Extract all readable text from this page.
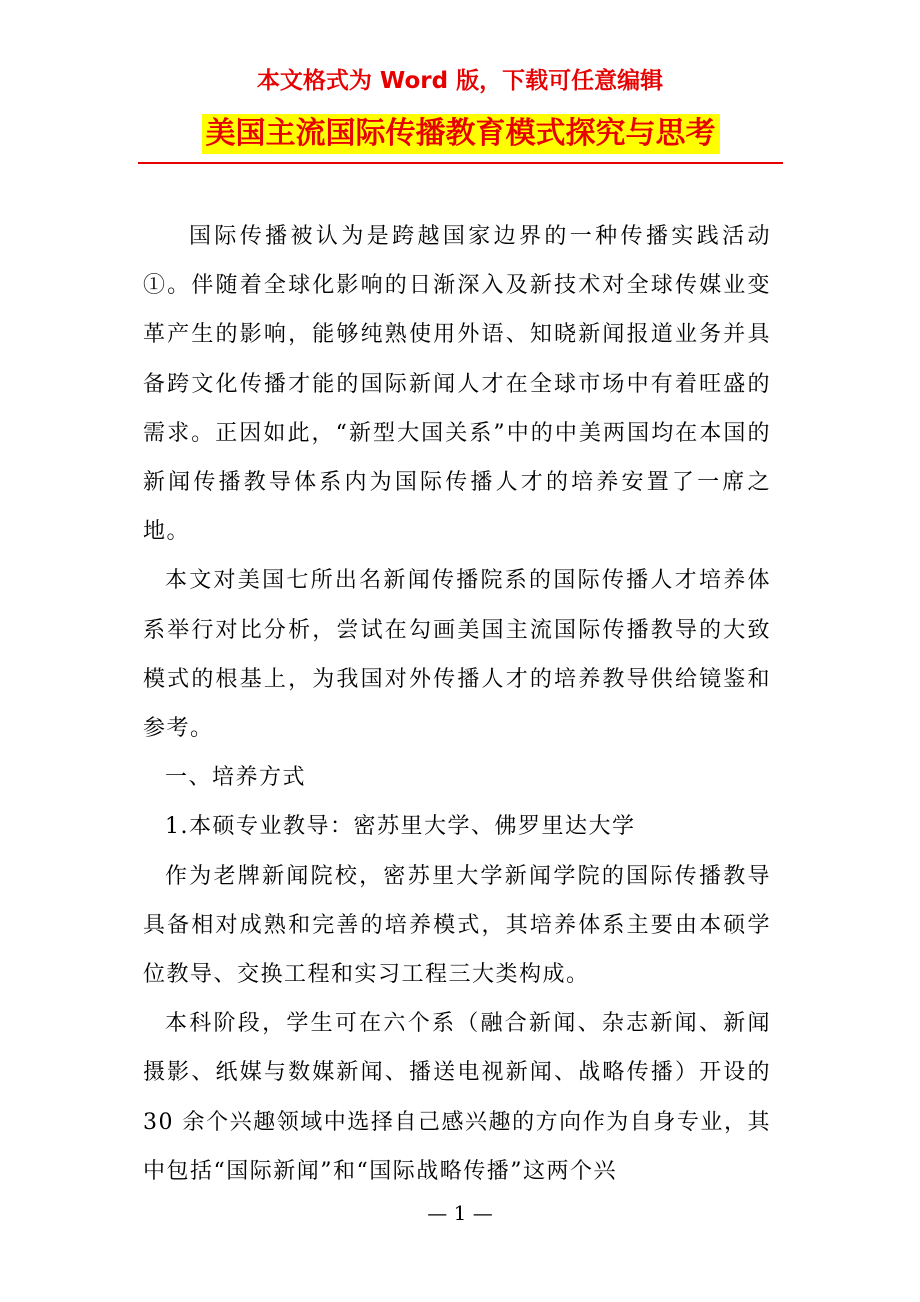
本文格式为 Word 版，下载可任意编辑

美国主流国际传播教育模式探究与思考

国际传播被认为是跨越国家边界的一种传播实践活动①。伴随着全球化影响的日渐深入及新技术对全球传媒业变革产生的影响，能够纯熟使用外语、知晓新闻报道业务并具备跨文化传播才能的国际新闻人才在全球市场中有着旺盛的需求。正因如此，“新型大国关系”中的中美两国均在本国的新闻传播教导体系内为国际传播人才的培养安置了一席之地。

本文对美国七所出名新闻传播院系的国际传播人才培养体系举行对比分析，尝试在勾画美国主流国际传播教导的大致模式的根基上，为我国对外传播人才的培养教导供给镜鉴和参考。

一、培养方式

1.本硕专业教导：密苏里大学、佛罗里达大学

作为老牌新闻院校，密苏里大学新闻学院的国际传播教导具备相对成熟和完善的培养模式，其培养体系主要由本硕学位教导、交换工程和实习工程三大类构成。

本科阶段，学生可在六个系（融合新闻、杂志新闻、新闻摄影、纸媒与数媒新闻、播送电视新闻、战略传播）开设的 30 余个兴趣领域中选择自己感兴趣的方向作为自身专业，其中包括“国际新闻”和“国际战略传播”这两个兴

— 1 —
